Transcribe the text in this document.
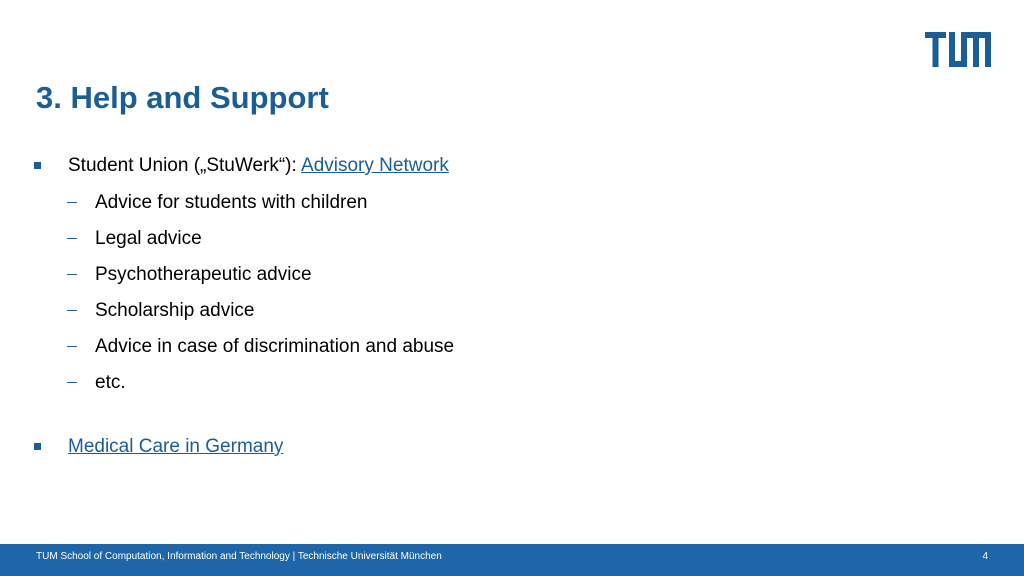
3. Help and Support
Student Union („StuWerk“): Advisory Network
Advice for students with children
Legal advice
Psychotherapeutic advice
Scholarship advice
Advice in case of discrimination and abuse
etc.
Medical Care in Germany
TUM School of Computation, Information and Technology | Technische Universität München	4
